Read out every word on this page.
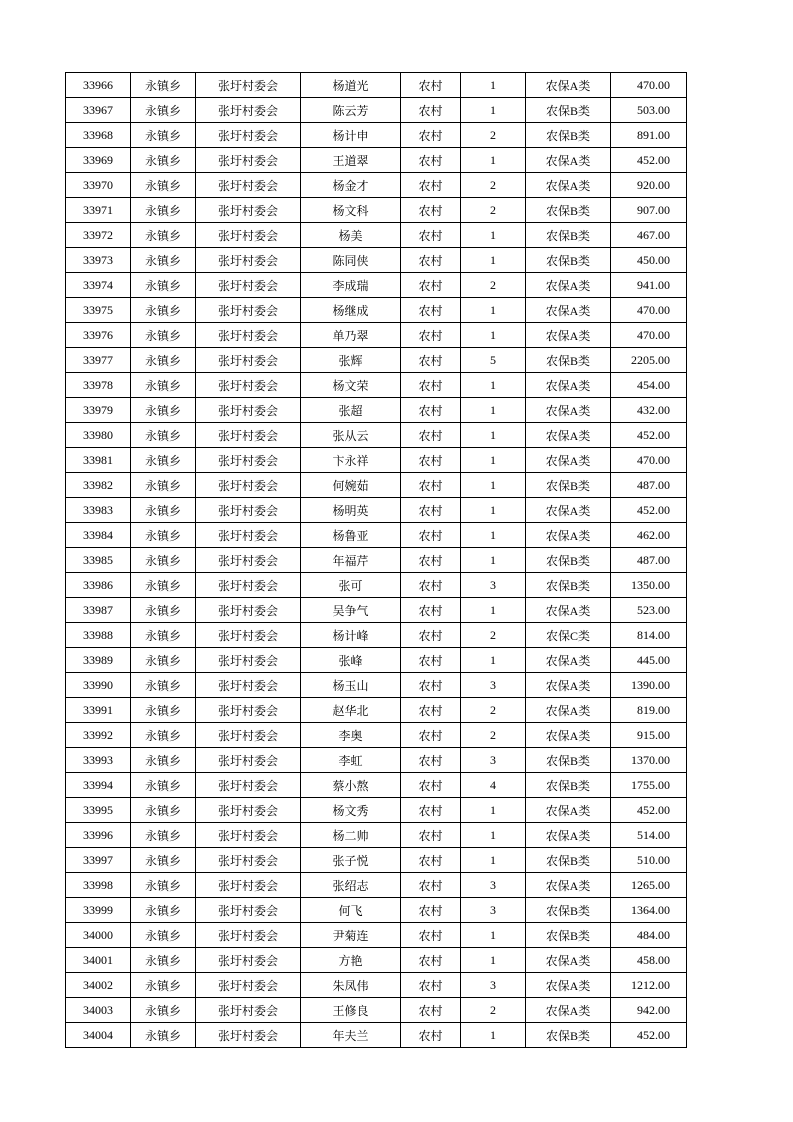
33966	永镇乡	张圩村委会	杨道光	农村	1	农保A类	470.00
33967	永镇乡	张圩村委会	陈云芳	农村	1	农保B类	503.00
33968	永镇乡	张圩村委会	杨计申	农村	2	农保B类	891.00
33969	永镇乡	张圩村委会	王道翠	农村	1	农保A类	452.00
33970	永镇乡	张圩村委会	杨金才	农村	2	农保A类	920.00
33971	永镇乡	张圩村委会	杨文科	农村	2	农保B类	907.00
33972	永镇乡	张圩村委会	杨美	农村	1	农保B类	467.00
33973	永镇乡	张圩村委会	陈同侠	农村	1	农保B类	450.00
33974	永镇乡	张圩村委会	李成瑞	农村	2	农保A类	941.00
33975	永镇乡	张圩村委会	杨继成	农村	1	农保A类	470.00
33976	永镇乡	张圩村委会	单乃翠	农村	1	农保A类	470.00
33977	永镇乡	张圩村委会	张辉	农村	5	农保B类	2205.00
33978	永镇乡	张圩村委会	杨文荣	农村	1	农保A类	454.00
33979	永镇乡	张圩村委会	张超	农村	1	农保A类	432.00
33980	永镇乡	张圩村委会	张从云	农村	1	农保A类	452.00
33981	永镇乡	张圩村委会	卞永祥	农村	1	农保A类	470.00
33982	永镇乡	张圩村委会	何婉茹	农村	1	农保B类	487.00
33983	永镇乡	张圩村委会	杨明英	农村	1	农保A类	452.00
33984	永镇乡	张圩村委会	杨鲁亚	农村	1	农保A类	462.00
33985	永镇乡	张圩村委会	年福芹	农村	1	农保B类	487.00
33986	永镇乡	张圩村委会	张可	农村	3	农保B类	1350.00
33987	永镇乡	张圩村委会	吴争气	农村	1	农保A类	523.00
33988	永镇乡	张圩村委会	杨计峰	农村	2	农保C类	814.00
33989	永镇乡	张圩村委会	张峰	农村	1	农保A类	445.00
33990	永镇乡	张圩村委会	杨玉山	农村	3	农保A类	1390.00
33991	永镇乡	张圩村委会	赵华北	农村	2	农保A类	819.00
33992	永镇乡	张圩村委会	李奥	农村	2	农保A类	915.00
33993	永镇乡	张圩村委会	李虹	农村	3	农保B类	1370.00
33994	永镇乡	张圩村委会	蔡小熬	农村	4	农保B类	1755.00
33995	永镇乡	张圩村委会	杨文秀	农村	1	农保A类	452.00
33996	永镇乡	张圩村委会	杨二帅	农村	1	农保A类	514.00
33997	永镇乡	张圩村委会	张子悦	农村	1	农保B类	510.00
33998	永镇乡	张圩村委会	张绍志	农村	3	农保A类	1265.00
33999	永镇乡	张圩村委会	何飞	农村	3	农保B类	1364.00
34000	永镇乡	张圩村委会	尹菊连	农村	1	农保B类	484.00
34001	永镇乡	张圩村委会	方艳	农村	1	农保A类	458.00
34002	永镇乡	张圩村委会	朱凤伟	农村	3	农保A类	1212.00
34003	永镇乡	张圩村委会	王修良	农村	2	农保A类	942.00
34004	永镇乡	张圩村委会	年夫兰	农村	1	农保B类	452.00
